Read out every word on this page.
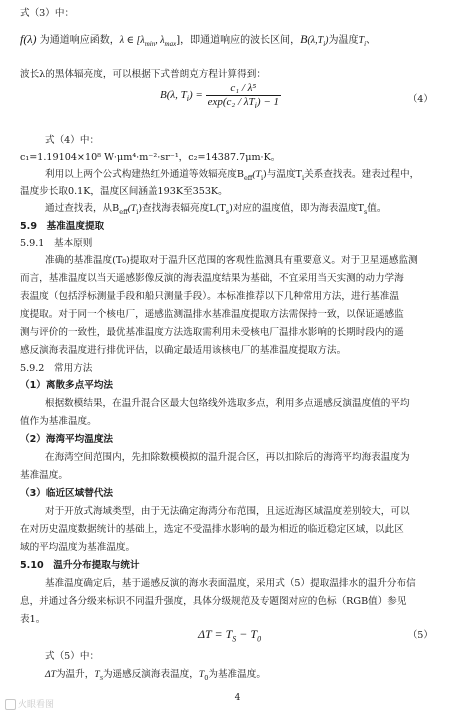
式（3）中：
f(λ) 为通道响应函数，λ ∈ [$\lambda_{min}$, $\lambda_{max}$]，即通道响应的波长区间，$B(\lambda,T_i)$为温度$T_i$、
波长λ的黑体辐亮度，可以根据下式普朗克方程计算得到：
B(λ, $T_i) = \frac{\text{c₁ / λ⁵}}{\exp(c_2 / \lambda T_i) - 1}$	（4）
式（4）中：
c₁=1.19104×10⁸ W·μm⁴·m⁻²·sr⁻¹，c₂=14387.7μm·K。
利用以上两个公式构建热红外通道等效辐亮度$B_{eff}(T_i)$与温度$T_i$关系查找表。建表过程中，
温度步长取0.1K，温度区间涵盖193K至353K。
通过查找表，从$B_{eff}(T_i)$查找海表辐亮度$L(T_s)$对应的温度值，即为海表温度$T_s$值。
5.9　基准温度提取
5.9.1　基本原则
准确的基准温度(T₀)提取对于温升区范围的客观性监测具有重要意义。对于卫星遥感监测
而言，基准温度以当天遥感影像反演的海表温度结果为基础，不宜采用当天实测的动力学海
表温度（包括浮标测量手段和船只测量手段）。本标准推荐以下几种常用方法，进行基准温
度提取。对于同一个核电厂，遥感监测温排水基准温度提取方法需保持一致，以保证遥感监
测与评价的一致性，最优基准温度方法选取需利用未受核电厂温排水影响的长期时段内的遥
感反演海表温度进行排优评估，以确定最适用该核电厂的基准温度提取方法。
5.9.2　常用方法
（1）离散多点平均法
根据数模结果，在温升混合区最大包络线外选取多点，利用多点遥感反演温度值的平均
值作为基准温度。
（2）海湾平均温度法
在海湾空间范围内，先扣除数模模拟的温升混合区，再以扣除后的海湾平均海表温度为
基准温度。
（3）临近区域替代法
对于开放式海域类型，由于无法确定海湾分布范围，且远近海区域温度差别较大，可以
在对历史温度数据统计的基础上，选定不受温排水影响的最为相近的临近稳定区域，以此区
域的平均温度为基准温度。
5.10　温升分布提取与统计
基准温度确定后，基于遥感反演的海水表面温度，采用式（5）提取温排水的温升分布信
息，并通过各分级来标识不同温升强度，具体分级规范及专题图对应的色标（RGB值）参见
表1。
$\Delta T = T_S - T_0$	（5）
式（5）中：
ΔT为温升，$T_S$为遥感反演海表温度，$T_0$为基准温度。
4
火眼看图
